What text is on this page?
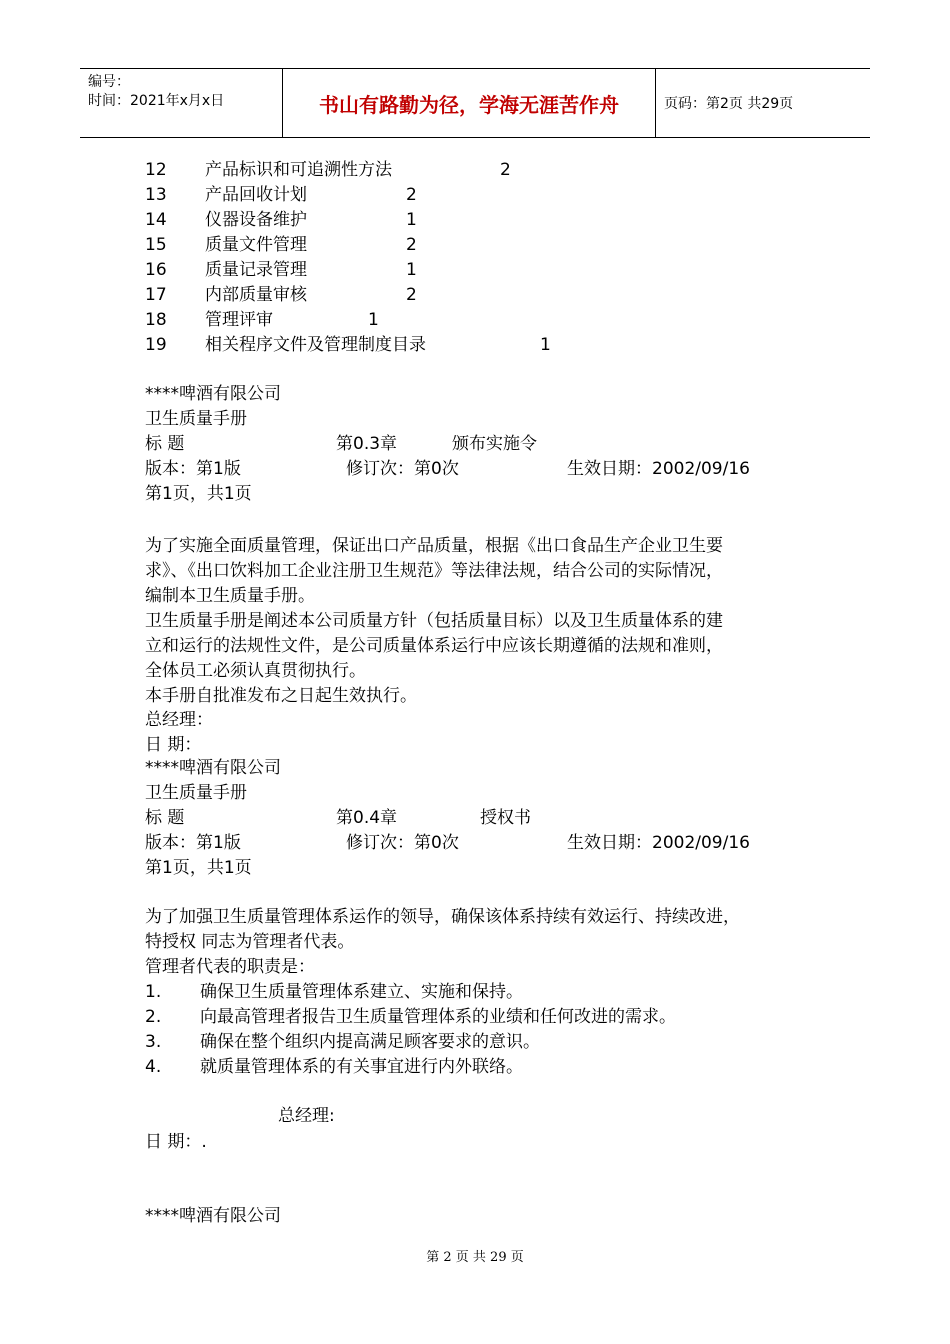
编号：
时间：2021年x月x日	书山有路勤为径，学海无涯苦作舟	页码：第2页 共29页
12 产品标识和可追溯性方法	2
13 产品回收计划	2
14 仪器设备维护	1
15 质量文件管理	2
16 质量记录管理	1
17 内部质量审核	2
18 管理评审	1
19 相关程序文件及管理制度目录	1
****啤酒有限公司
卫生质量手册
标 题	第0.3章	颁布实施令
版本：第1版	修订次：第0次	生效日期：2002/09/16
第1页，共1页
为了实施全面质量管理，保证出口产品质量，根据《出口食品生产企业卫生要
求》、《出口饮料加工企业注册卫生规范》等法律法规，结合公司的实际情况，
编制本卫生质量手册。
卫生质量手册是阐述本公司质量方针（包括质量目标）以及卫生质量体系的建
立和运行的法规性文件，是公司质量体系运行中应该长期遵循的法规和准则，
全体员工必须认真贯彻执行。
本手册自批准发布之日起生效执行。
总经理：
日 期：
****啤酒有限公司
卫生质量手册
标 题	第0.4章	授权书
版本：第1版	修订次：第0次	生效日期：2002/09/16
第1页，共1页
为了加强卫生质量管理体系运作的领导，确保该体系持续有效运行、持续改进，
特授权 同志为管理者代表。
管理者代表的职责是：
1. 确保卫生质量管理体系建立、实施和保持。
2. 向最高管理者报告卫生质量管理体系的业绩和任何改进的需求。
3. 确保在整个组织内提高满足顾客要求的意识。
4. 就质量管理体系的有关事宜进行内外联络。
总经理:
日 期：.
****啤酒有限公司
第 2 页 共 29 页
